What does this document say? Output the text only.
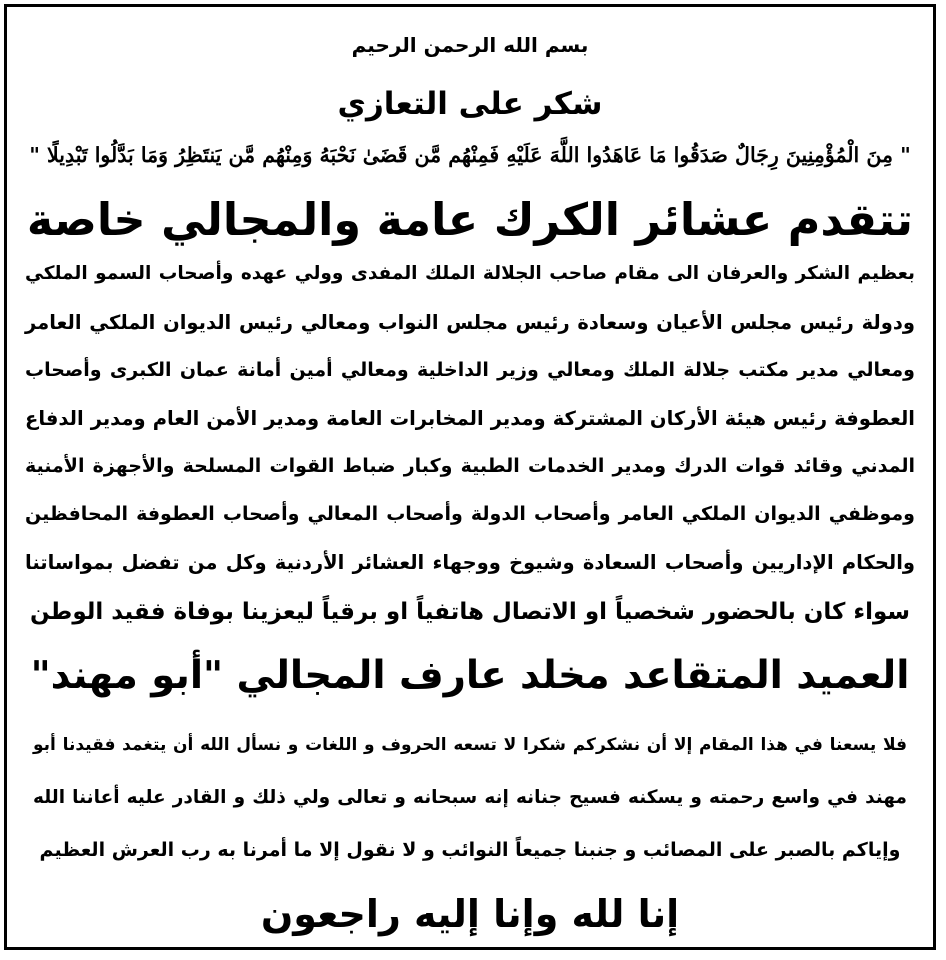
بسم الله الرحمن الرحيم
شكر على التعازي
" مِنَ الْمُؤْمِنِينَ رِجَالٌ صَدَقُوا مَا عَاهَدُوا اللَّهَ عَلَيْهِ فَمِنْهُم مَّن قَضَىٰ نَحْبَهُ وَمِنْهُم مَّن يَنتَظِرُ وَمَا بَدَّلُوا تَبْدِيلًا "
تتقدم عشائر الكرك عامة والمجالي خاصة
بعظيم الشكر والعرفان الى مقام صاحب الجلالة الملك المفدى وولي عهده وأصحاب السمو الملكي
ودولة رئيس مجلس الأعيان وسعادة رئيس مجلس النواب ومعالي رئيس الديوان الملكي العامر
ومعالي مدير مكتب جلالة الملك ومعالي وزير الداخلية ومعالي أمين أمانة عمان الكبرى وأصحاب
العطوفة رئيس هيئة الأركان المشتركة ومدير المخابرات العامة ومدير الأمن العام ومدير الدفاع
المدني وقائد قوات الدرك ومدير الخدمات الطبية وكبار ضباط القوات المسلحة والأجهزة الأمنية
وموظفي الديوان الملكي العامر وأصحاب الدولة وأصحاب المعالي وأصحاب العطوفة المحافظين
والحكام الإداريين وأصحاب السعادة وشيوخ ووجهاء العشائر الأردنية وكل من تفضل بمواساتنا
سواء كان بالحضور شخصياً او الاتصال هاتفياً او برقياً ليعزينا بوفاة فقيد الوطن
العميد المتقاعد مخلد عارف المجالي "أبو مهند"
فلا يسعنا في هذا المقام إلا أن نشكركم شكرا لا تسعه الحروف و اللغات و نسأل الله أن يتغمد فقيدنا أبو
مهند في واسع رحمته و يسكنه فسيح جنانه إنه سبحانه و تعالى ولي ذلك و القادر عليه أعاننا الله
وإياكم بالصبر على المصائب و جنبنا جميعاً النوائب و لا نقول إلا ما أمرنا به رب العرش العظيم
إنا لله وإنا إليه راجعون
